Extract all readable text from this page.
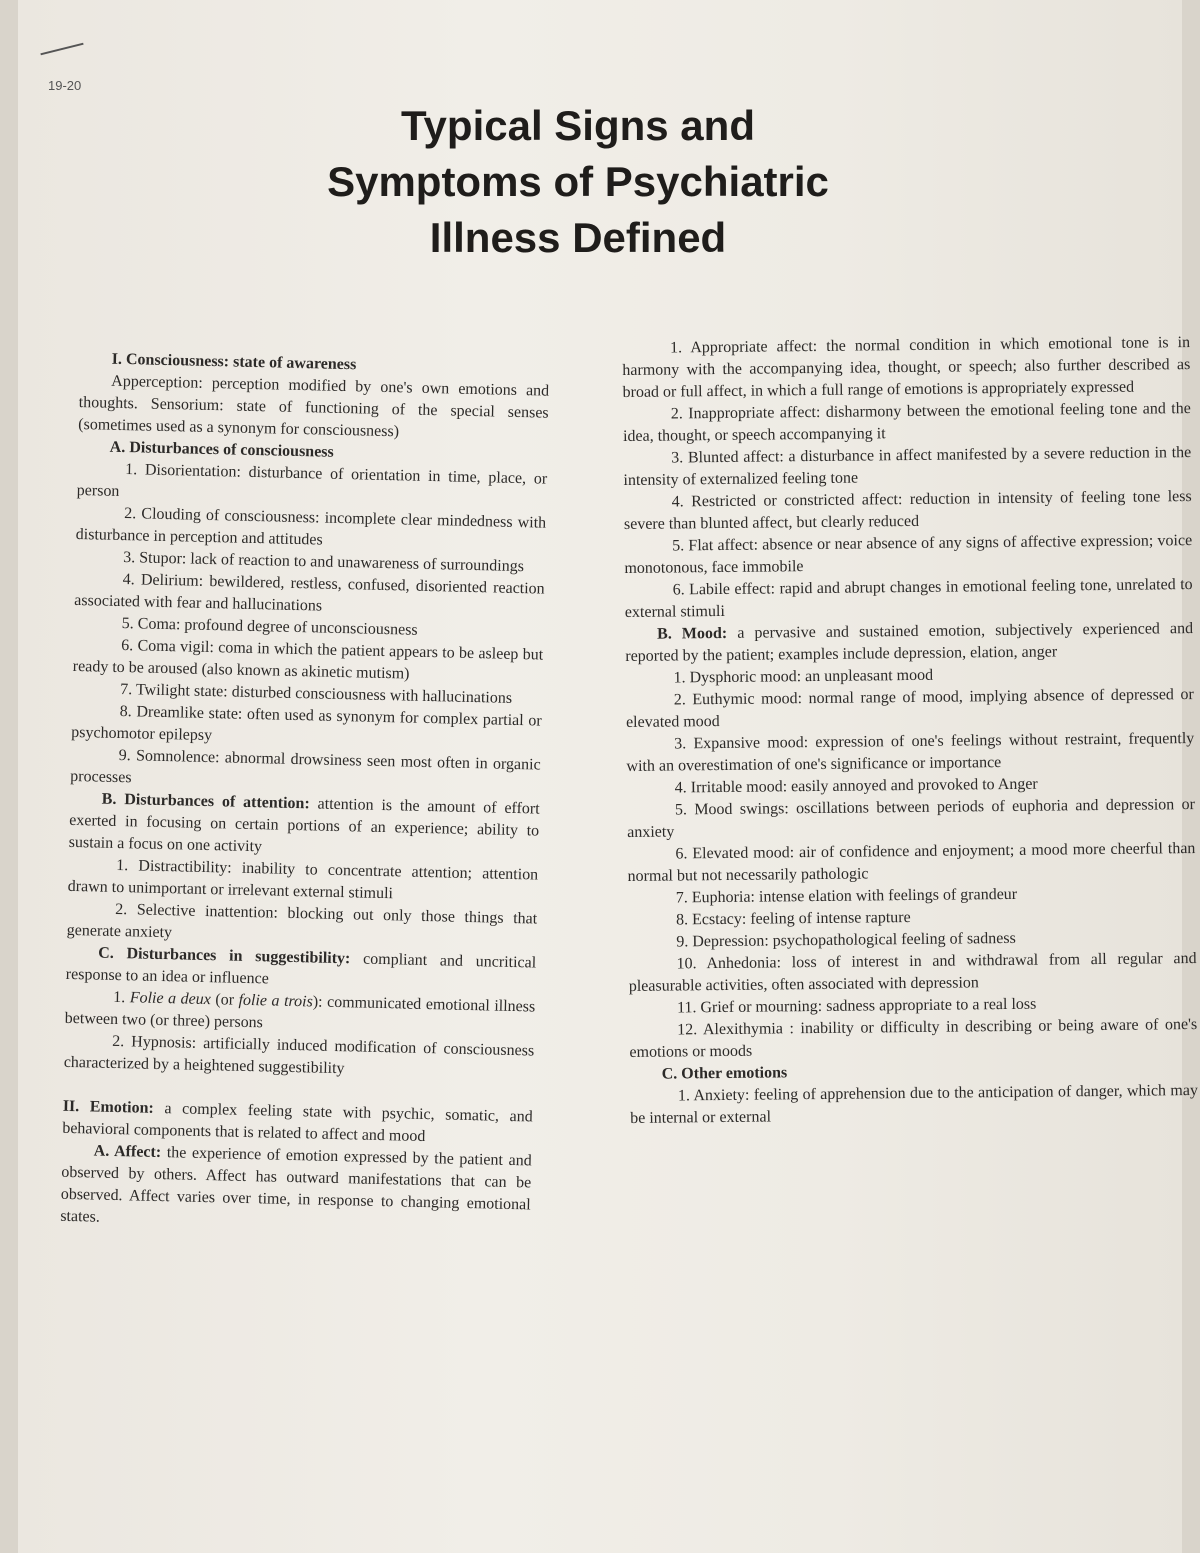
19-20
Typical Signs and
Symptoms of Psychiatric
Illness Defined

I. Consciousness: state of awareness

Apperception: perception modified by one's own emotions and thoughts. Sensorium: state of functioning of the special senses (sometimes used as a synonym for consciousness)

A. Disturbances of consciousness

1. Disorientation: disturbance of orientation in time, place, or person

2. Clouding of consciousness: incomplete clear mindedness with disturbance in perception and attitudes

3. Stupor: lack of reaction to and unawareness of surroundings

4. Delirium: bewildered, restless, confused, disoriented reaction associated with fear and hallucinations

5. Coma: profound degree of unconsciousness

6. Coma vigil: coma in which the patient appears to be asleep but ready to be aroused (also known as akinetic mutism)

7. Twilight state: disturbed consciousness with hallucinations

8. Dreamlike state: often used as synonym for complex partial or psychomotor epilepsy

9. Somnolence: abnormal drowsiness seen most often in organic processes

B. Disturbances of attention: attention is the amount of effort exerted in focusing on certain portions of an experience; ability to sustain a focus on one activity

1. Distractibility: inability to concentrate attention; attention drawn to unimportant or irrelevant external stimuli

2. Selective inattention: blocking out only those things that generate anxiety

C. Disturbances in suggestibility: compliant and uncritical response to an idea or influence

1. Folie a deux (or folie a trois): communicated emotional illness between two (or three) persons

2. Hypnosis: artificially induced modification of consciousness characterized by a heightened suggestibility

II. Emotion: a complex feeling state with psychic, somatic, and behavioral components that is related to affect and mood

A. Affect: the experience of emotion expressed by the patient and observed by others. Affect has outward manifestations that can be observed. Affect varies over time, in response to changing emotional states.

1. Appropriate affect: the normal condition in which emotional tone is in harmony with the accompanying idea, thought, or speech; also further described as broad or full affect, in which a full range of emotions is appropriately expressed

2. Inappropriate affect: disharmony between the emotional feeling tone and the idea, thought, or speech accompanying it

3. Blunted affect: a disturbance in affect manifested by a severe reduction in the intensity of externalized feeling tone

4. Restricted or constricted affect: reduction in intensity of feeling tone less severe than blunted affect, but clearly reduced

5. Flat affect: absence or near absence of any signs of affective expression; voice monotonous, face immobile

6. Labile effect: rapid and abrupt changes in emotional feeling tone, unrelated to external stimuli

B. Mood: a pervasive and sustained emotion, subjectively experienced and reported by the patient; examples include depression, elation, anger

1. Dysphoric mood: an unpleasant mood

2. Euthymic mood: normal range of mood, implying absence of depressed or elevated mood

3. Expansive mood: expression of one's feelings without restraint, frequently with an overestimation of one's significance or importance

4. Irritable mood: easily annoyed and provoked to Anger

5. Mood swings: oscillations between periods of euphoria and depression or anxiety

6. Elevated mood: air of confidence and enjoyment; a mood more cheerful than normal but not necessarily pathologic

7. Euphoria: intense elation with feelings of grandeur

8. Ecstacy: feeling of intense rapture

9. Depression: psychopathological feeling of sadness

10. Anhedonia: loss of interest in and withdrawal from all regular and pleasurable activities, often associated with depression

11. Grief or mourning: sadness appropriate to a real loss

12. Alexithymia : inability or difficulty in describing or being aware of one's emotions or moods

C. Other emotions

1. Anxiety: feeling of apprehension due to the anticipation of danger, which may be internal or external
